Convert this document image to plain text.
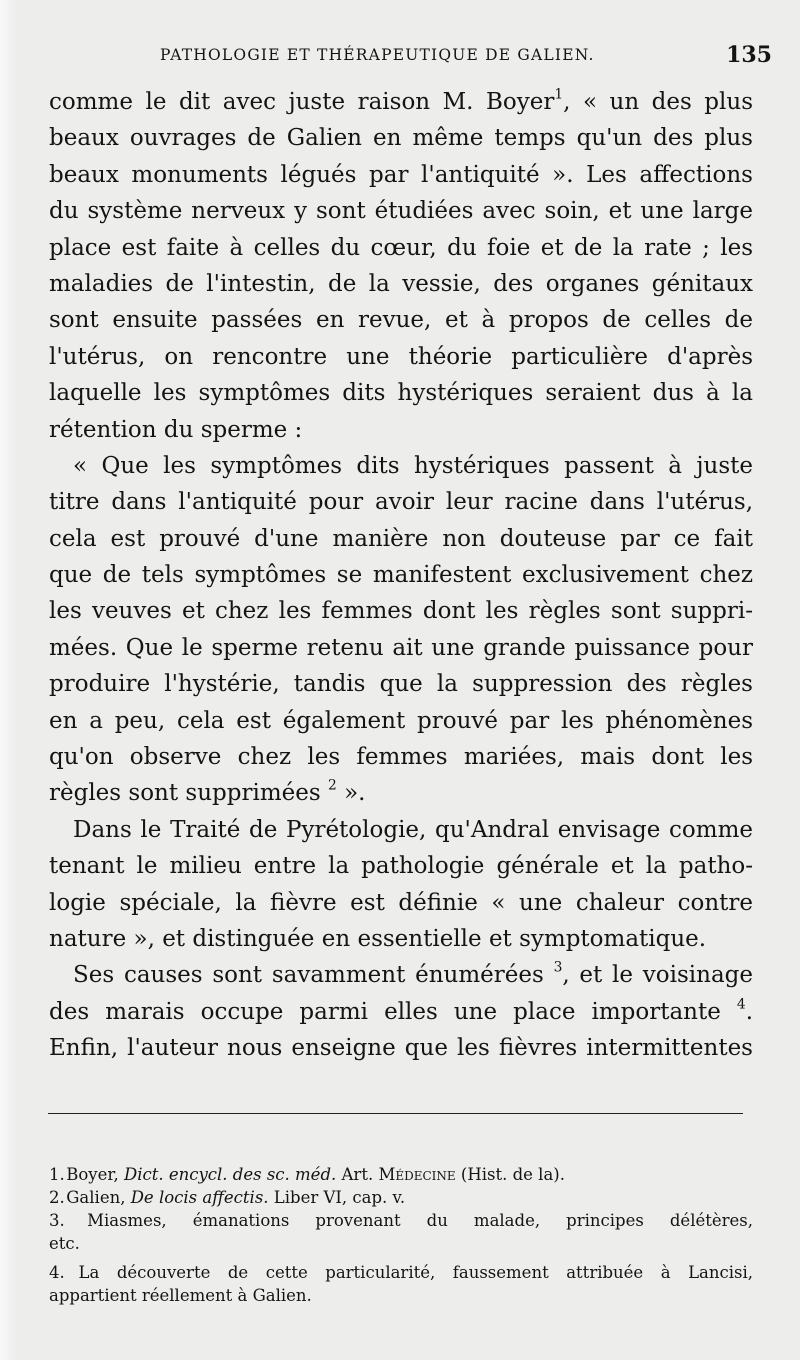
PATHOLOGIE ET THÉRAPEUTIQUE DE GALIEN.	135
comme le dit avec juste raison M. Boyer$^1$, « un des plus
beaux ouvrages de Galien en même temps qu'un des plus
beaux monuments légués par l'antiquité ». Les affections
du système nerveux y sont étudiées avec soin, et une large
place est faite à celles du cœur, du foie et de la rate ; les
maladies de l'intestin, de la vessie, des organes génitaux
sont ensuite passées en revue, et à propos de celles de
l'utérus, on rencontre une théorie particulière d'après
laquelle les symptômes dits hystériques seraient dus à la
rétention du sperme :
« Que les symptômes dits hystériques passent à juste
titre dans l'antiquité pour avoir leur racine dans l'utérus,
cela est prouvé d'une manière non douteuse par ce fait
que de tels symptômes se manifestent exclusivement chez
les veuves et chez les femmes dont les règles sont suppri-
mées. Que le sperme retenu ait une grande puissance pour
produire l'hystérie, tandis que la suppression des règles
en a peu, cela est également prouvé par les phénomènes
qu'on observe chez les femmes mariées, mais dont les
règles sont supprimées $^2$ ».
Dans le Traité de Pyrétologie, qu'Andral envisage comme
tenant le milieu entre la pathologie générale et la patho-
logie spéciale, la fièvre est définie « une chaleur contre
nature », et distinguée en essentielle et symptomatique.
Ses causes sont savamment énumérées $^3$, et le voisinage
des marais occupe parmi elles une place importante $^4$.
Enfin, l'auteur nous enseigne que les fièvres intermittentes
1. Boyer, Dict. encycl. des sc. méd. Art. Médecine (Hist. de la).
2. Galien, De locis affectis. Liber VI, cap. v.
3. Miasmes, émanations provenant du malade, principes délétères,
etc.
4. La découverte de cette particularité, faussement attribuée à Lancisi,
appartient réellement à Galien.
